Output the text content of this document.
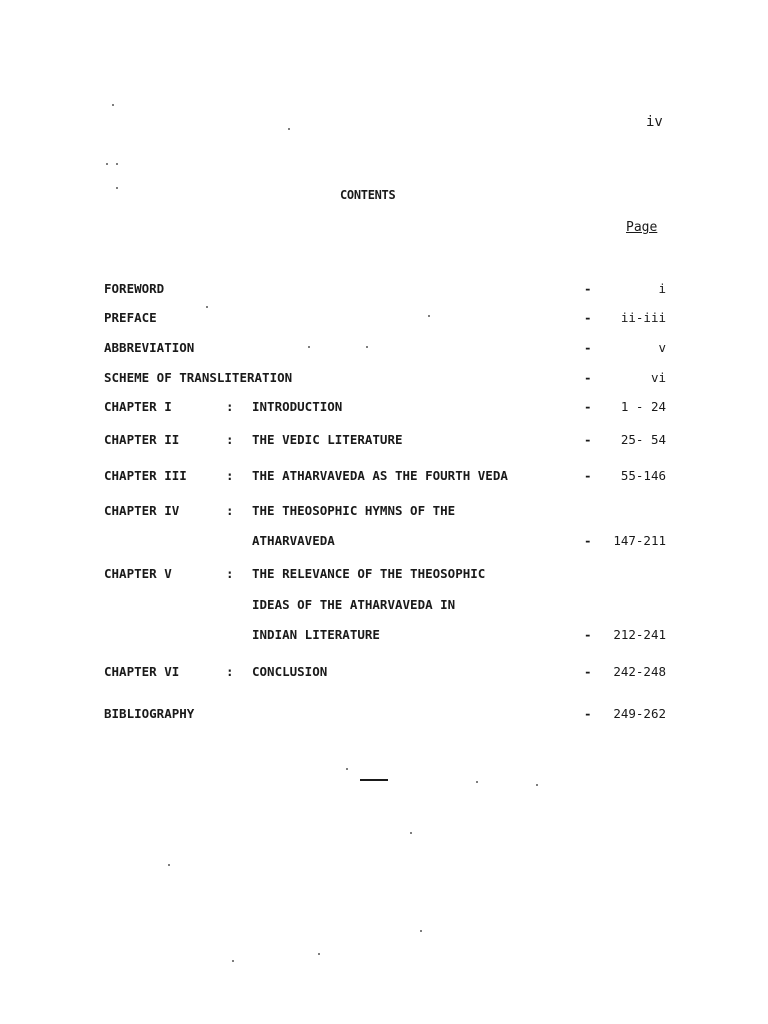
iv
CONTENTS
Page
FOREWORD	-	i
PREFACE	- ii-iii
ABBREVIATION	-	v
SCHEME OF TRANSLITERATION	-	vi
CHAPTER I	: INTRODUCTION	- 1 - 24
CHAPTER II	: THE VEDIC LITERATURE	- 25- 54
CHAPTER III	: THE ATHARVAVEDA AS THE FOURTH VEDA	- 55-146
CHAPTER IV	: THE THEOSOPHIC HYMNS OF THE
ATHARVAVEDA	- 147-211
CHAPTER V	: THE RELEVANCE OF THE THEOSOPHIC
IDEAS OF THE ATHARVAVEDA IN
INDIAN LITERATURE	- 212-241
CHAPTER VI	: CONCLUSION	- 242-248
BIBLIOGRAPHY	- 249-262
